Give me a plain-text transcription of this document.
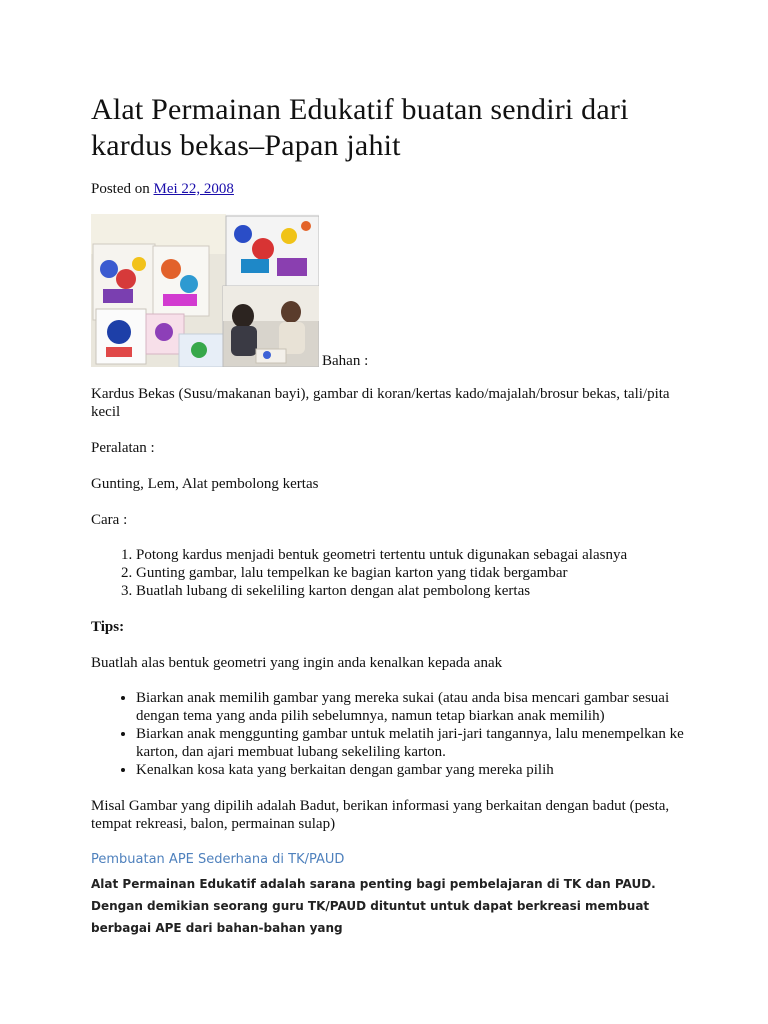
Alat Permainan Edukatif buatan sendiri dari kardus bekas–Papan jahit
Posted on Mei 22, 2008
Bahan :

Kardus Bekas (Susu/makanan bayi), gambar di koran/kertas kado/majalah/brosur bekas, tali/pita kecil

Peralatan :

Gunting, Lem, Alat pembolong kertas

Cara :

1. Potong kardus menjadi bentuk geometri tertentu untuk digunakan sebagai alasnya
2. Gunting gambar, lalu tempelkan ke bagian karton yang tidak bergambar
3. Buatlah lubang di sekeliling karton dengan alat pembolong kertas

Tips:

Buatlah alas bentuk geometri yang ingin anda kenalkan kepada anak

• Biarkan anak memilih gambar yang mereka sukai (atau anda bisa mencari gambar sesuai dengan tema yang anda pilih sebelumnya, namun tetap biarkan anak memilih)
• Biarkan anak menggunting gambar untuk melatih jari-jari tangannya, lalu menempelkan ke karton, dan ajari membuat lubang sekeliling karton.
• Kenalkan kosa kata yang berkaitan dengan gambar yang mereka pilih

Misal Gambar yang dipilih adalah Badut, berikan informasi yang berkaitan dengan badut (pesta, tempat rekreasi, balon, permainan sulap)

Pembuatan APE Sederhana di TK/PAUD
Alat Permainan Edukatif adalah sarana penting bagi pembelajaran di TK dan PAUD. Dengan demikian seorang guru TK/PAUD dituntut untuk dapat berkreasi membuat berbagai APE dari bahan-bahan yang
